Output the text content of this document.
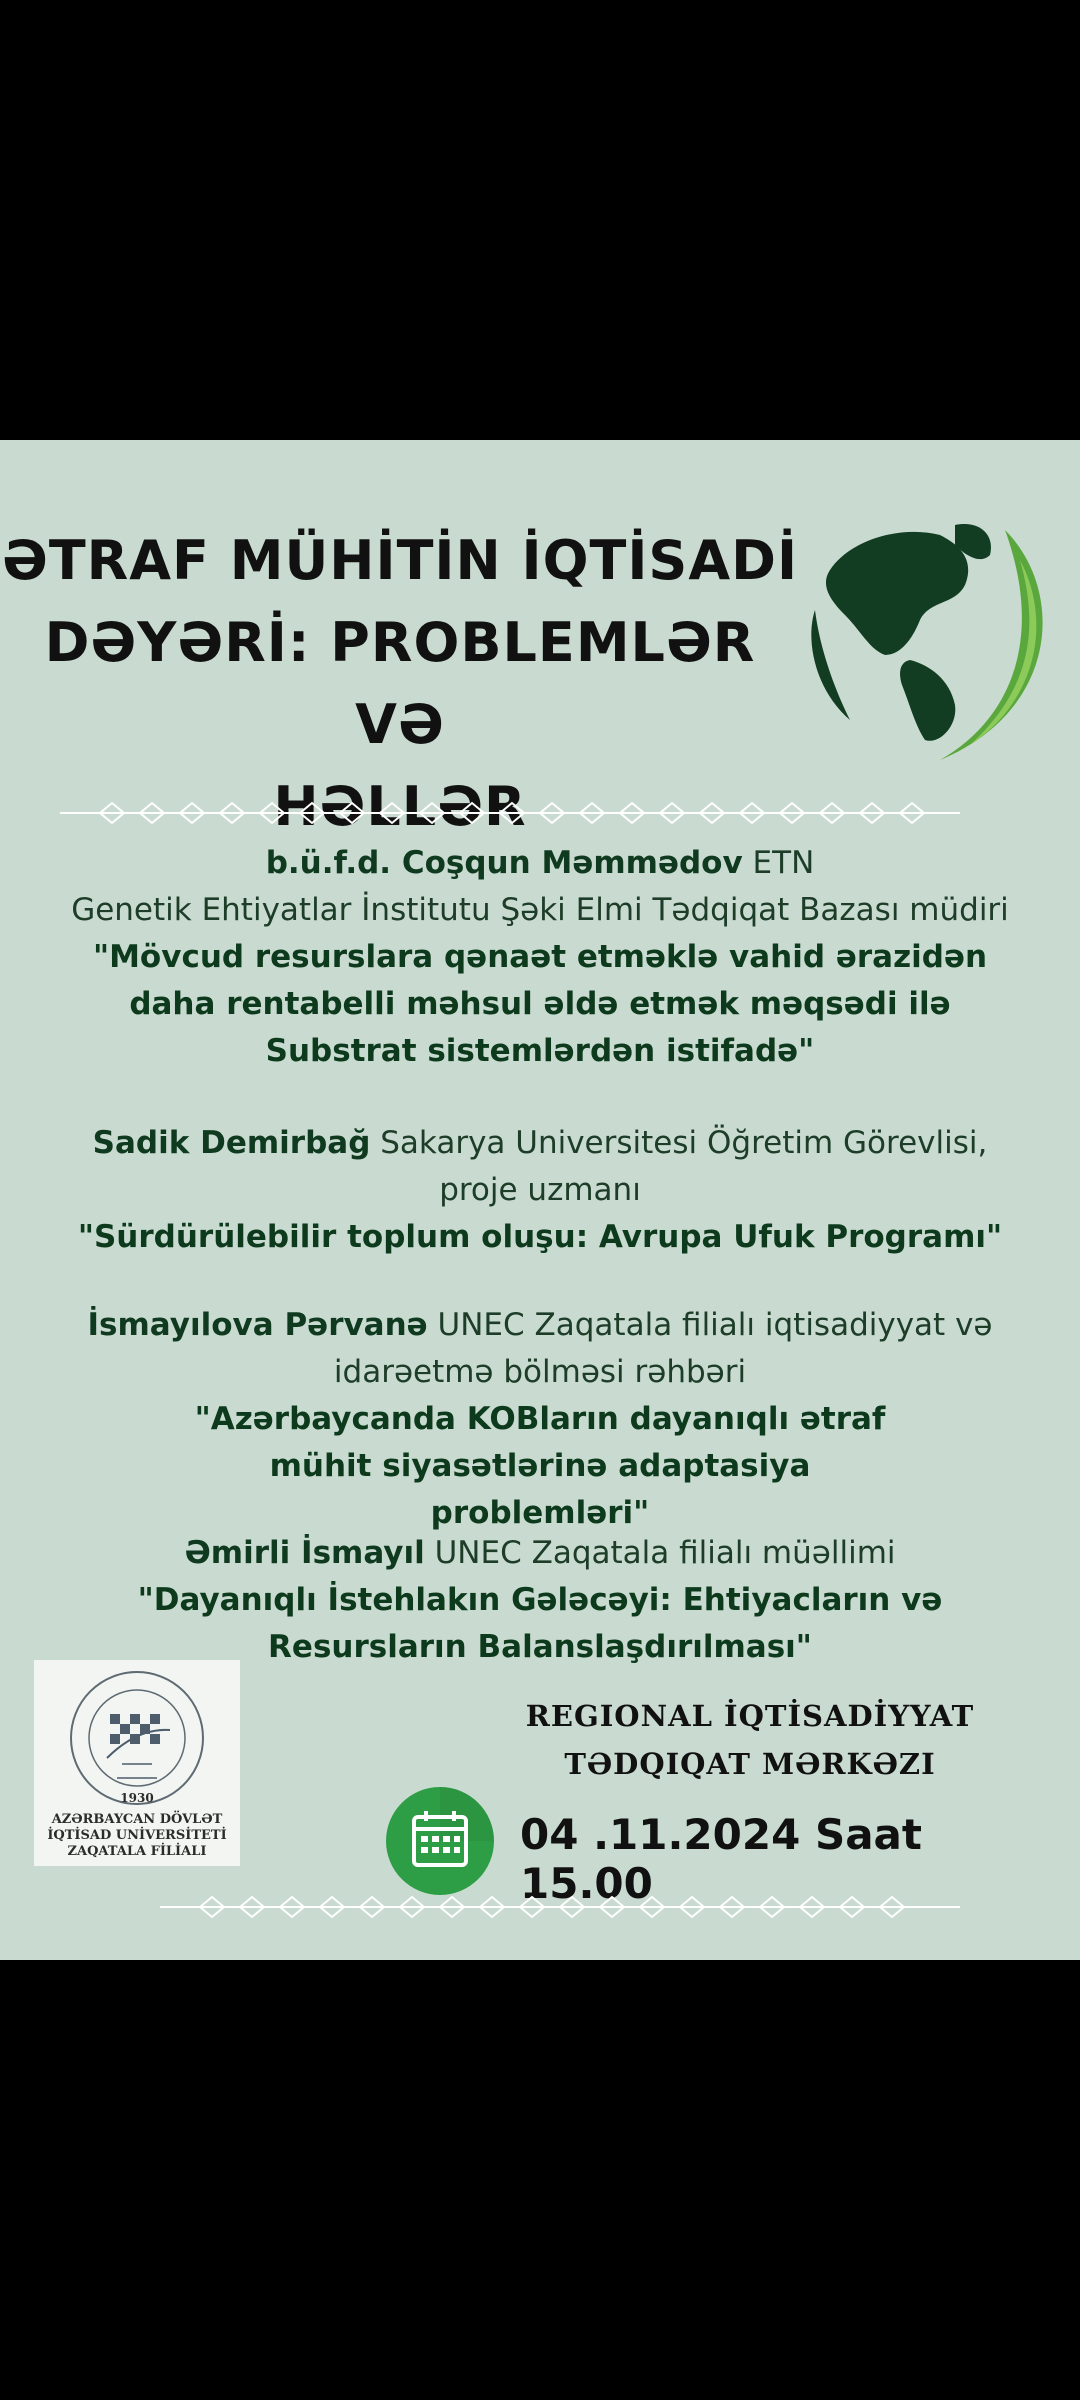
ƏTRAF MÜHİTİN İQTİSADİ
DƏYƏRİ: PROBLEMLƏR VƏ
HƏLLƏR
b.ü.f.d. Coşqun Məmmədov ETN
Genetik Ehtiyatlar İnstitutu Şəki Elmi Tədqiqat Bazası müdiri
"Mövcud resurslara qənaət etməklə vahid ərazidən daha rentabelli məhsul əldə etmək məqsədi ilə Substrat sistemlərdən istifadə"
Sadik Demirbağ Sakarya Universitesi Öğretim Görevlisi,
proje uzmanı
"Sürdürülebilir toplum oluşu: Avrupa Ufuk Programı"
İsmayılova Pərvanə UNEC Zaqatala filialı iqtisadiyyat və
idarəetmə bölməsi rəhbəri
"Azərbaycanda KOBların dayanıqlı ətraf mühit siyasətlərinə adaptasiya problemləri"
Əmirli İsmayıl UNEC Zaqatala filialı müəllimi
"Dayanıqlı İstehlakın Gələcəyi: Ehtiyacların və Resursların Balanslaşdırılması"
1930
AZƏRBAYCAN DÖVLƏT
İQTİSAD UNİVERSİTETİ
ZAQATALA FİLİALI
REGIONAL İQTİSADİYYAT
TƏDQIQAT MƏRKƏZI
04 .11.2024 Saat 15.00
